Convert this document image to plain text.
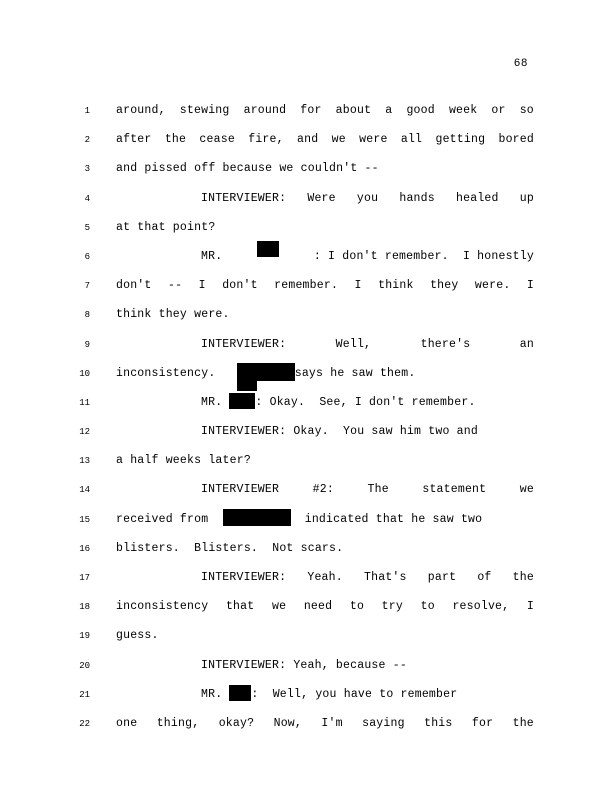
68
1 around, stewing around for about a good week or so
2 after the cease fire, and we were all getting bored
3	and pissed off because we couldn't --
4	INTERVIEWER: Were you hands healed up
5	at that point?
6	MR.	: I don't remember.  I honestly
7 don't -- I don't remember. I think they were. I
8	think they were.
9	INTERVIEWER:	Well,	there's	an
10	inconsistency.	says he saw them.
11	MR. : Okay.  See, I don't remember.
12	INTERVIEWER: Okay.  You saw him two and
13	a half weeks later?
14	INTERVIEWER	#2:	The	statement	we
15	received from	indicated that he saw two
16	blisters.  Blisters.  Not scars.
17	INTERVIEWER: Yeah. That's part of the
18 inconsistency that we need to try to resolve, I
19	guess.
20	INTERVIEWER: Yeah, because --
21	MR. :  Well, you have to remember
22 one thing, okay? Now, I'm saying this for the
